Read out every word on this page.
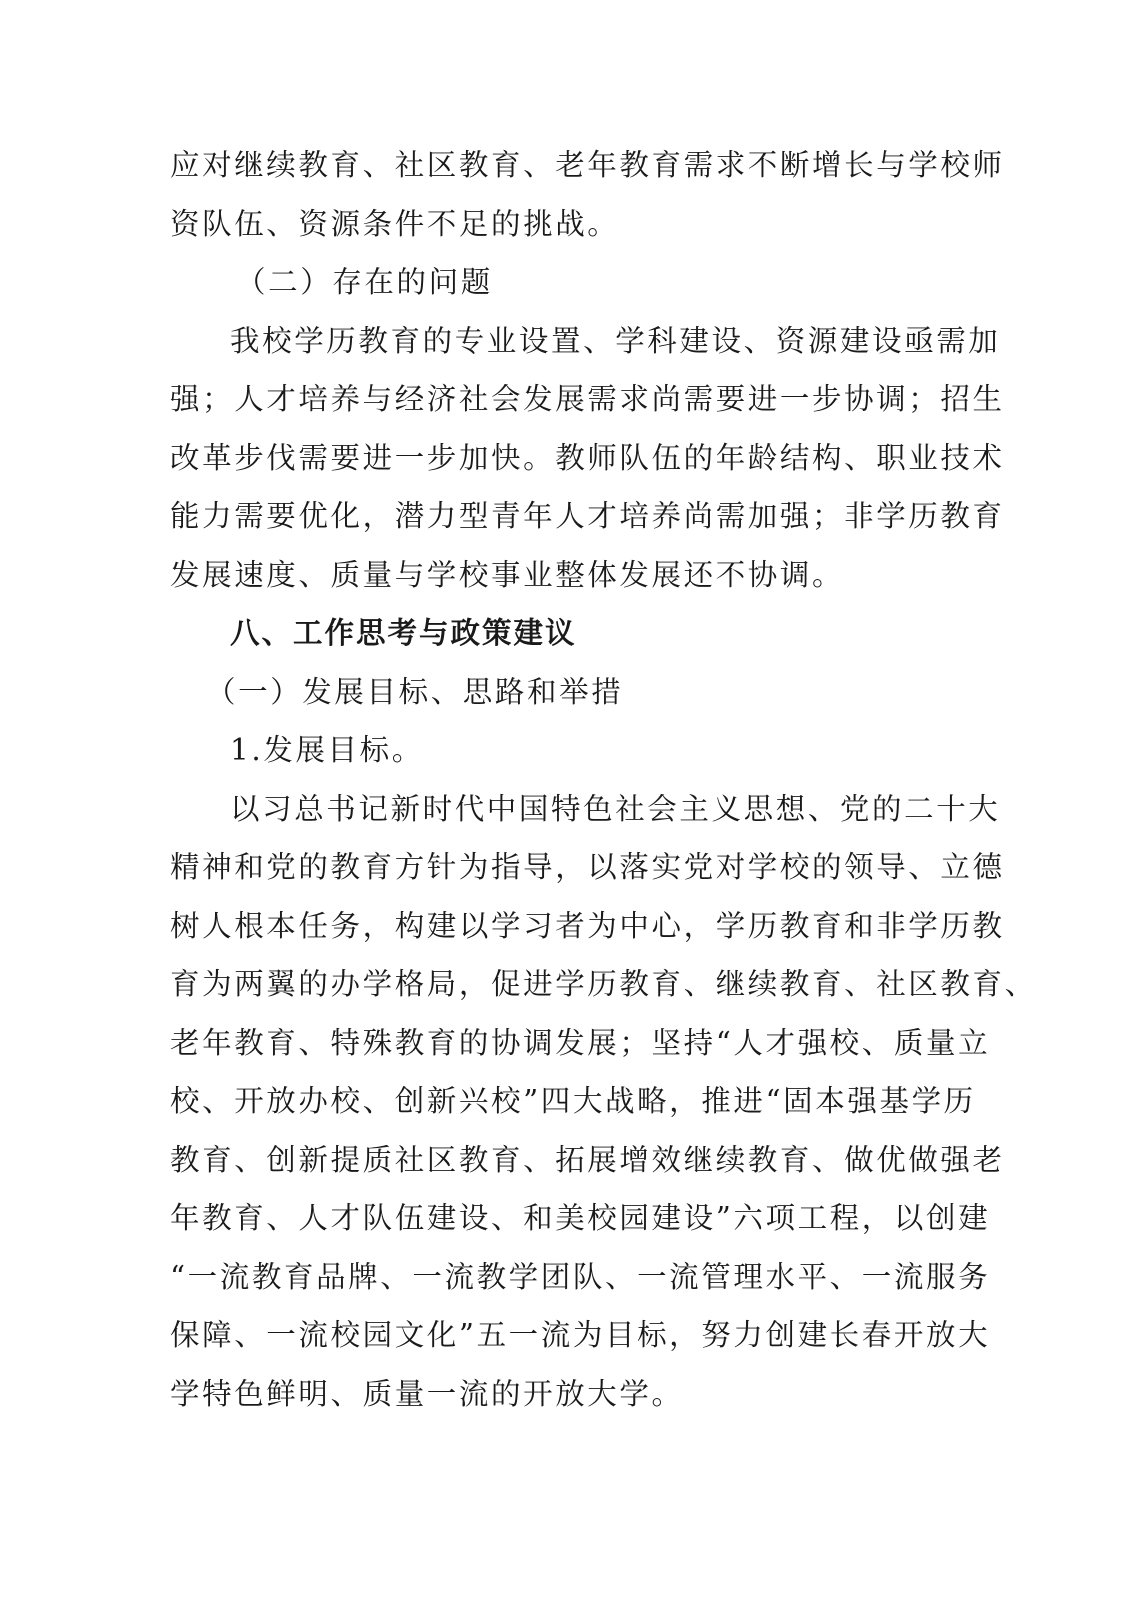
应对继续教育、社区教育、老年教育需求不断增长与学校师

资队伍、资源条件不足的挑战。

（二）存在的问题

我校学历教育的专业设置、学科建设、资源建设亟需加

强；人才培养与经济社会发展需求尚需要进一步协调；招生

改革步伐需要进一步加快。教师队伍的年龄结构、职业技术

能力需要优化，潜力型青年人才培养尚需加强；非学历教育

发展速度、质量与学校事业整体发展还不协调。

八、工作思考与政策建议

（一）发展目标、思路和举措

1.发展目标。

以习总书记新时代中国特色社会主义思想、党的二十大

精神和党的教育方针为指导，以落实党对学校的领导、立德

树人根本任务，构建以学习者为中心，学历教育和非学历教

育为两翼的办学格局，促进学历教育、继续教育、社区教育、

老年教育、特殊教育的协调发展；坚持“人才强校、质量立

校、开放办校、创新兴校”四大战略，推进“固本强基学历

教育、创新提质社区教育、拓展增效继续教育、做优做强老

年教育、人才队伍建设、和美校园建设”六项工程，以创建

“一流教育品牌、一流教学团队、一流管理水平、一流服务

保障、一流校园文化”五一流为目标，努力创建长春开放大

学特色鲜明、质量一流的开放大学。
